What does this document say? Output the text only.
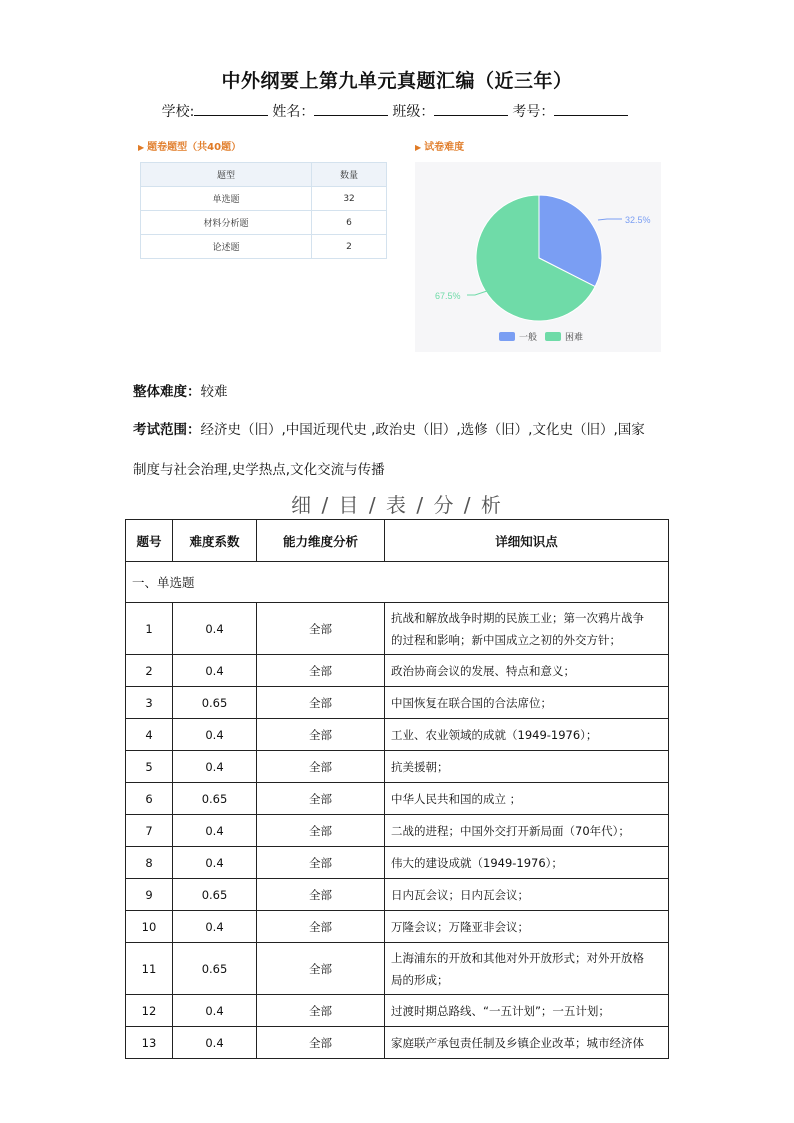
中外纲要上第九单元真题汇编（近三年）
学校:	姓名：	班级：	考号：
▶ 题卷题型（共40题）
题型	数量
单选题	32
材料分析题	6
论述题	2
▶ 试卷难度
32.5%
67.5%
一般	困难
整体难度：较难
考试范围：经济史（旧）,中国近现代史 ,政治史（旧）,选修（旧）,文化史（旧）,国家
制度与社会治理,史学热点,文化交流与传播
细 / 目 / 表 / 分 / 析
题号	难度系数	能力维度分析	详细知识点
一、单选题			
1	0.4	全部	抗战和解放战争时期的民族工业；第一次鸦片战争
的过程和影响；新中国成立之初的外交方针；

2	0.4	全部	政治协商会议的发展、特点和意义；

3	0.65	全部	中国恢复在联合国的合法席位；

4	0.4	全部	工业、农业领域的成就（1949-1976）；

5	0.4	全部	抗美援朝；

6	0.65	全部	中华人民共和国的成立 ；

7	0.4	全部	二战的进程；中国外交打开新局面（70年代）；

8	0.4	全部	伟大的建设成就（1949-1976）；

9	0.65	全部	日内瓦会议；日内瓦会议；

10	0.4	全部	万隆会议；万隆亚非会议；

11	0.65	全部	上海浦东的开放和其他对外开放形式；对外开放格
局的形成；

12	0.4	全部	过渡时期总路线、“一五计划”；一五计划；

13	0.4	全部	家庭联产承包责任制及乡镇企业改革；城市经济体
